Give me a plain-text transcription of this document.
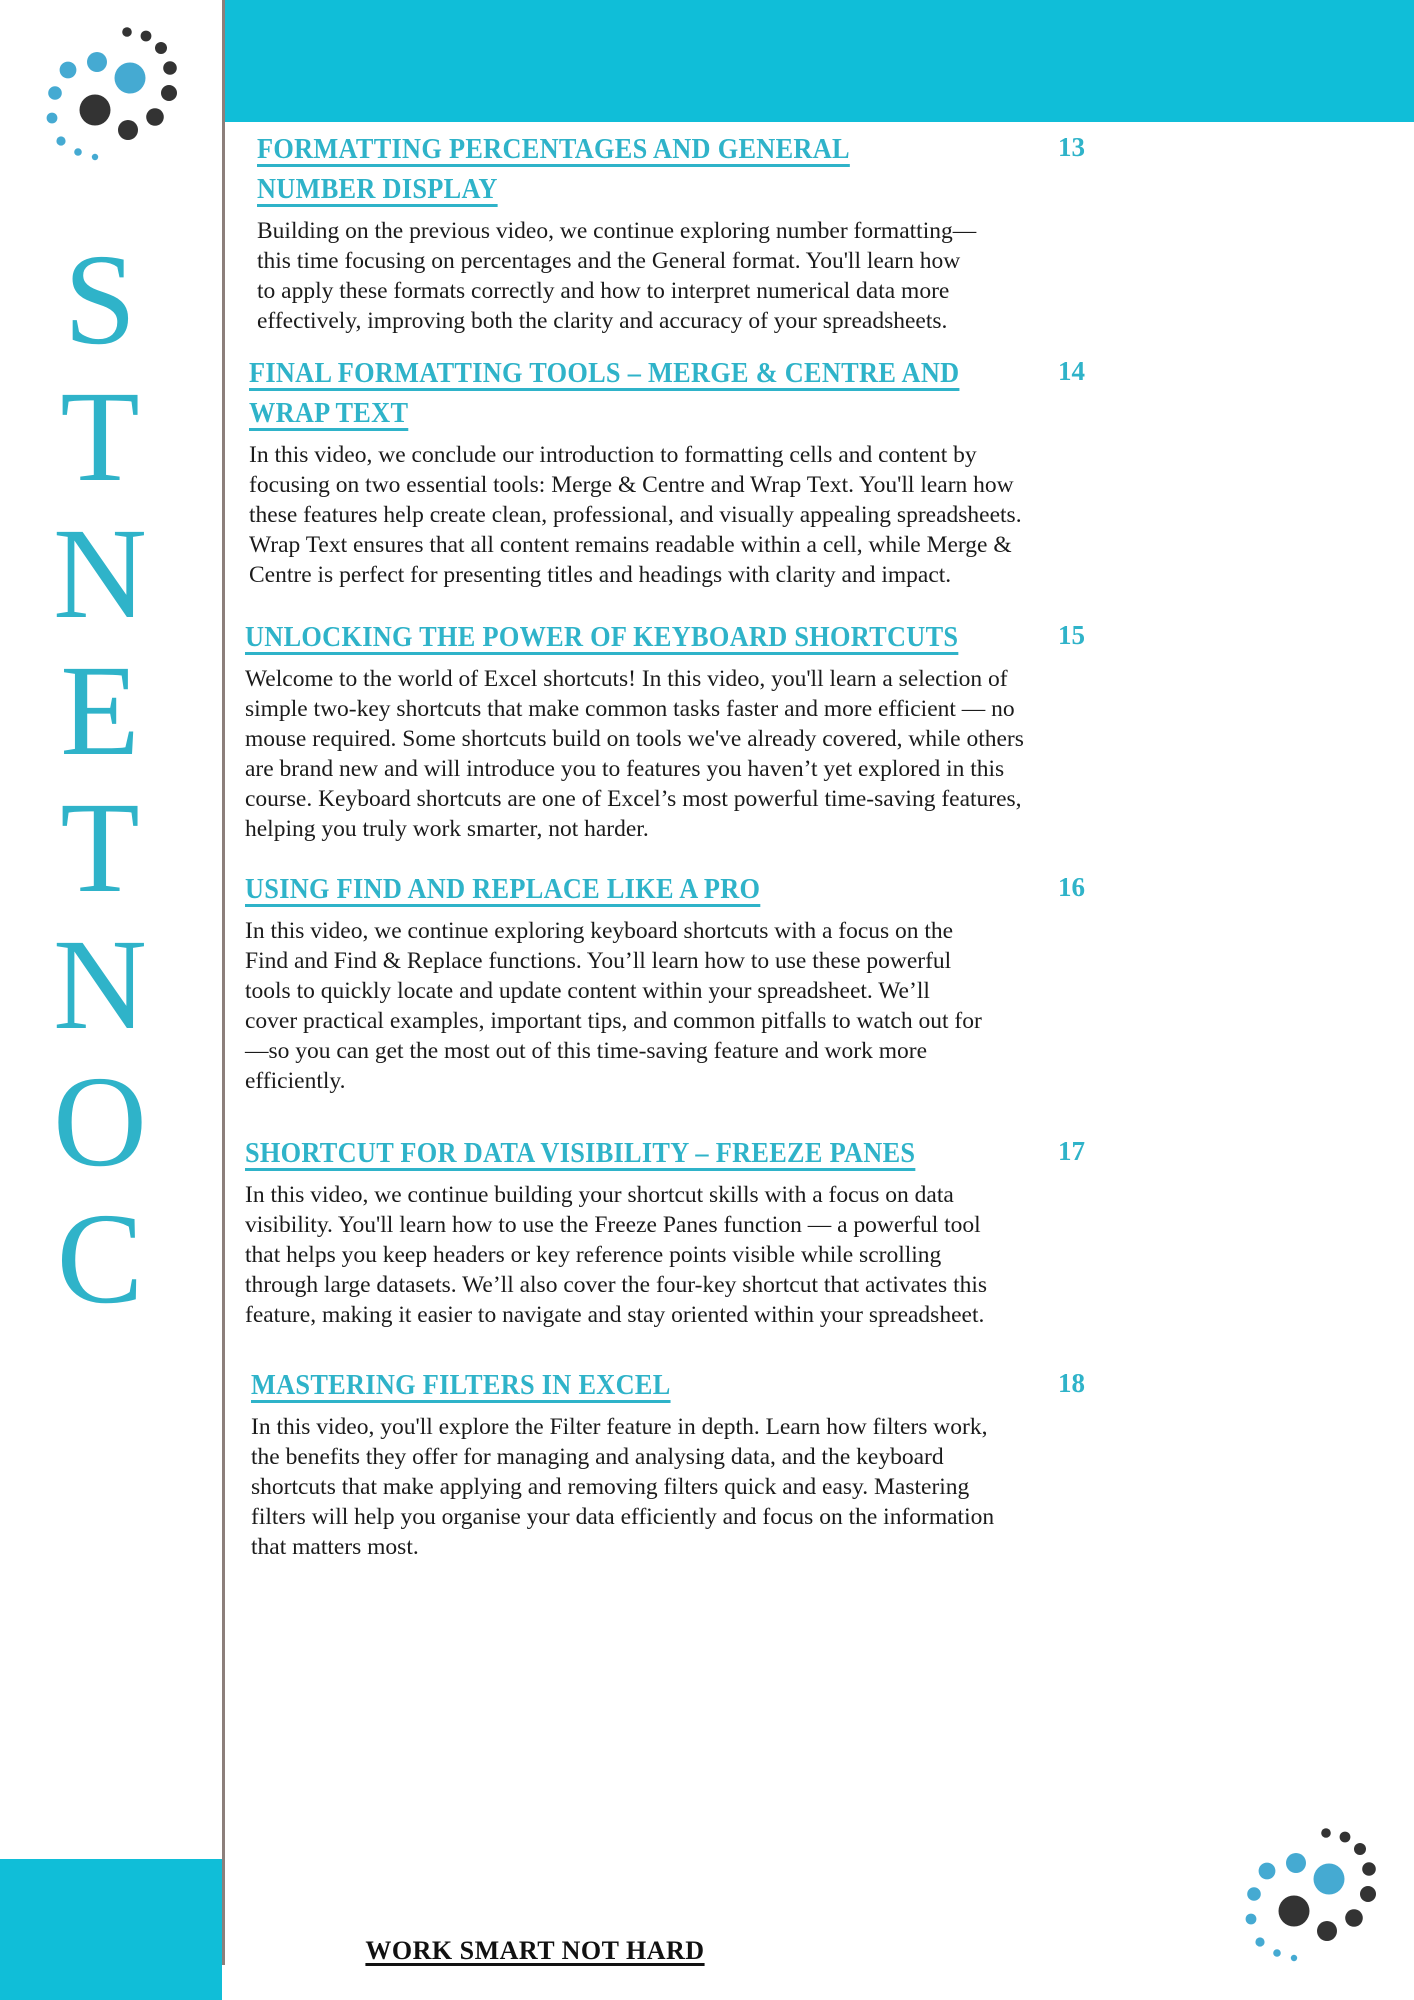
S
T
N
E
T
N
O
C
FORMATTING PERCENTAGES AND GENERAL NUMBER DISPLAY
13

Building on the previous video, we continue exploring number formatting—this time focusing on percentages and the General format. You'll learn how to apply these formats correctly and how to interpret numerical data more effectively, improving both the clarity and accuracy of your spreadsheets.

FINAL FORMATTING TOOLS – MERGE & CENTRE AND WRAP TEXT
14

In this video, we conclude our introduction to formatting cells and content by focusing on two essential tools: Merge & Centre and Wrap Text. You'll learn how these features help create clean, professional, and visually appealing spreadsheets. Wrap Text ensures that all content remains readable within a cell, while Merge & Centre is perfect for presenting titles and headings with clarity and impact.

UNLOCKING THE POWER OF KEYBOARD SHORTCUTS	15

Welcome to the world of Excel shortcuts! In this video, you'll learn a selection of simple two-key shortcuts that make common tasks faster and more efficient — no mouse required. Some shortcuts build on tools we've already covered, while others are brand new and will introduce you to features you haven’t yet explored in this course. Keyboard shortcuts are one of Excel’s most powerful time-saving features, helping you truly work smarter, not harder.

USING FIND AND REPLACE LIKE A PRO	16

In this video, we continue exploring keyboard shortcuts with a focus on the Find and Find & Replace functions. You’ll learn how to use these powerful tools to quickly locate and update content within your spreadsheet. We’ll cover practical examples, important tips, and common pitfalls to watch out for—so you can get the most out of this time-saving feature and work more efficiently.

SHORTCUT FOR DATA VISIBILITY – FREEZE PANES	17

In this video, we continue building your shortcut skills with a focus on data visibility. You'll learn how to use the Freeze Panes function — a powerful tool that helps you keep headers or key reference points visible while scrolling through large datasets. We’ll also cover the four-key shortcut that activates this feature, making it easier to navigate and stay oriented within your spreadsheet.

MASTERING FILTERS IN EXCEL	18

In this video, you'll explore the Filter feature in depth. Learn how filters work, the benefits they offer for managing and analysing data, and the keyboard shortcuts that make applying and removing filters quick and easy. Mastering filters will help you organise your data efficiently and focus on the information that matters most.

WORK SMART NOT HARD
